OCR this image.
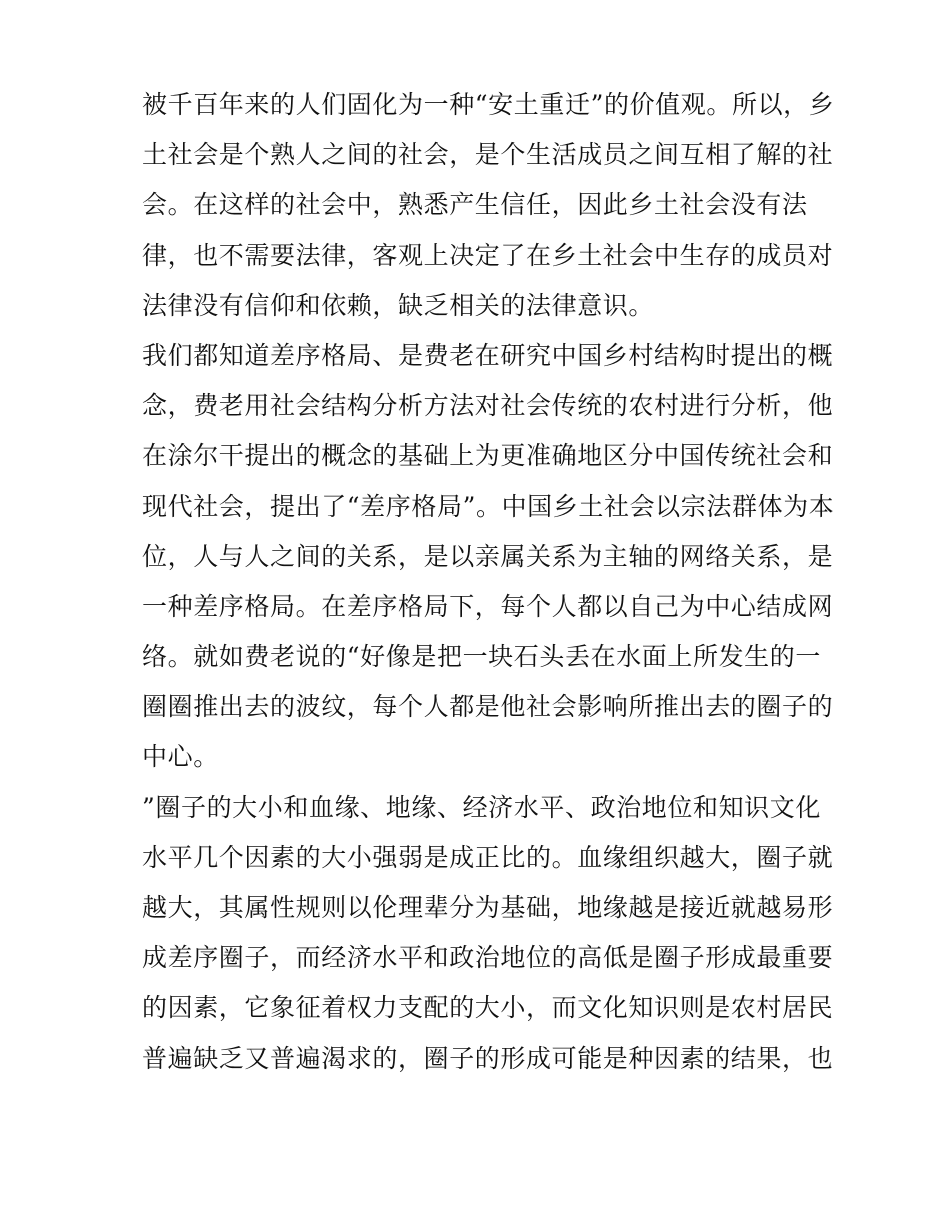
被千百年来的人们固化为一种“安土重迁”的价值观。所以，乡
土社会是个熟人之间的社会，是个生活成员之间互相了解的社
会。在这样的社会中，熟悉产生信任，因此乡土社会没有法
律，也不需要法律，客观上决定了在乡土社会中生存的成员对
法律没有信仰和依赖，缺乏相关的法律意识。
我们都知道差序格局、是费老在研究中国乡村结构时提出的概
念，费老用社会结构分析方法对社会传统的农村进行分析，他
在涂尔干提出的概念的基础上为更准确地区分中国传统社会和
现代社会，提出了“差序格局”。中国乡土社会以宗法群体为本
位，人与人之间的关系，是以亲属关系为主轴的网络关系，是
一种差序格局。在差序格局下，每个人都以自己为中心结成网
络。就如费老说的“好像是把一块石头丢在水面上所发生的一
圈圈推出去的波纹，每个人都是他社会影响所推出去的圈子的
中心。
”圈子的大小和血缘、地缘、经济水平、政治地位和知识文化
水平几个因素的大小强弱是成正比的。血缘组织越大，圈子就
越大，其属性规则以伦理辈分为基础，地缘越是接近就越易形
成差序圈子，而经济水平和政治地位的高低是圈子形成最重要
的因素，它象征着权力支配的大小，而文化知识则是农村居民
普遍缺乏又普遍渴求的，圈子的形成可能是种因素的结果，也
